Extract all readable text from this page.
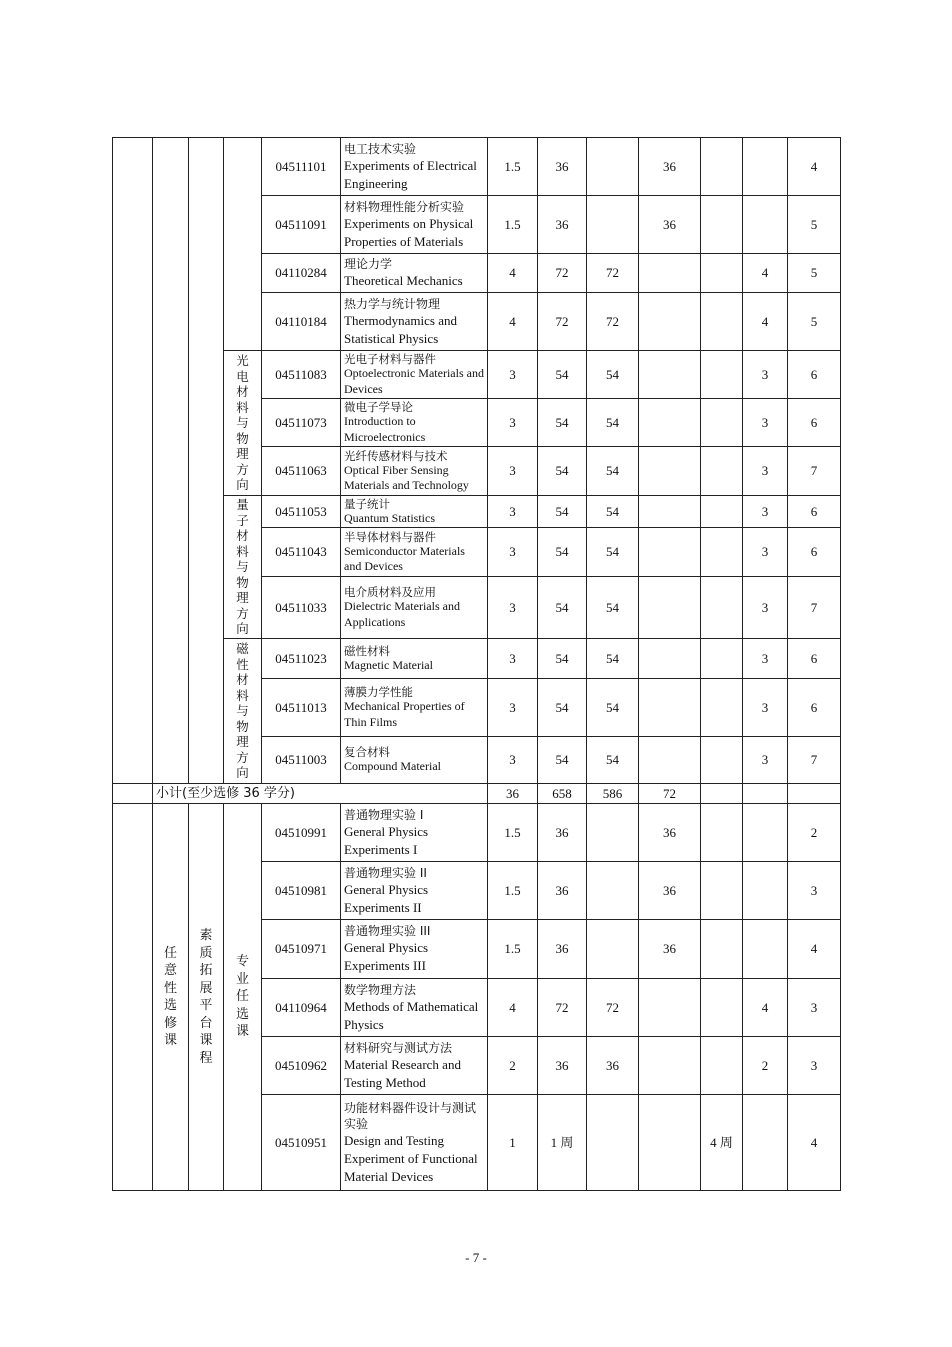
				04511101	电工技术实验
Experiments of Electrical Engineering	1.5	36		36			4
				04511091	材料物理性能分析实验
Experiments on Physical Properties of Materials	1.5	36		36			5
				04110284	理论力学
Theoretical Mechanics	4	72	72			4	5
				04110184	热力学与统计物理
Thermodynamics and Statistical Physics	4	72	72			4	5

			光电材料与物理方向	04511083	光电子材料与器件
Optoelectronic Materials and Devices	3	54	54			3	6
				04511073	微电子学导论
Introduction to Microelectronics	3	54	54			3	6
				04511063	光纤传感材料与技术
Optical Fiber Sensing Materials and Technology	3	54	54			3	7

			量子材料与物理方向	04511053	量子统计
Quantum Statistics	3	54	54			3	6
				04511043	半导体材料与器件
Semiconductor Materials and Devices	3	54	54			3	6
				04511033	电介质材料及应用
Dielectric Materials and Applications	3	54	54			3	7

			磁性材料与物理方向	04511023	磁性材料
Magnetic Material	3	54	54			3	6
				04511013	薄膜力学性能
Mechanical Properties of Thin Films	3	54	54			3	6
				04511003	复合材料
Compound Material	3	54	54			3	7
	小计(至少选修 36 学分)					36	658	586	72			

	任意性选修课	素质拓展平台课程	专业任选课	04510991	普通物理实验 I
General Physics Experiments I	1.5	36		36			2
				04510981	普通物理实验 II
General Physics Experiments II	1.5	36		36			3
				04510971	普通物理实验 III
General Physics Experiments III	1.5	36		36			4
				04110964	数学物理方法
Methods of Mathematical Physics	4	72	72			4	3
				04510962	材料研究与测试方法
Material Research and Testing Method	2	36	36			2	3
				04510951	功能材料器件设计与测试实验
Design and Testing Experiment of Functional Material Devices	1	1 周			4 周		4
- 7 -
